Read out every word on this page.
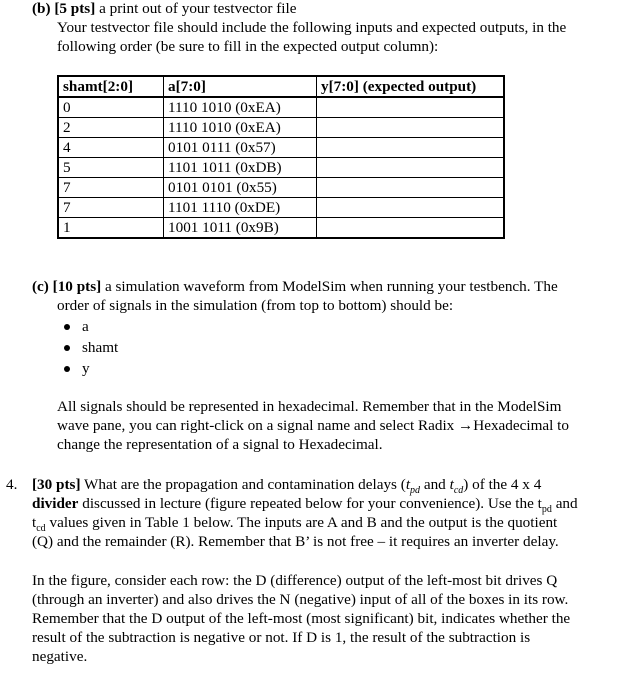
(b) [5 pts] a print out of your testvector file
Your testvector file should include the following inputs and expected outputs, in the
following order (be sure to fill in the expected output column):
shamt[2:0]	a[7:0]	y[7:0] (expected output)
0	1110 1010 (0xEA)	
2	1110 1010 (0xEA)	
4	0101 0111 (0x57)	
5	1101 1011 (0xDB)	
7	0101 0101 (0x55)	
7	1101 1110 (0xDE)	
1	1001 1011 (0x9B)	
(c) [10 pts] a simulation waveform from ModelSim when running your testbench. The
order of signals in the simulation (from top to bottom) should be:
a
shamt
y
All signals should be represented in hexadecimal. Remember that in the ModelSim
wave pane, you can right-click on a signal name and select Radix →Hexadecimal to
change the representation of a signal to Hexadecimal.
4. [30 pts] What are the propagation and contamination delays ($t_{pd}$ and $t_{cd}$) of the 4 x 4
divider discussed in lecture (figure repeated below for your convenience). Use the $t_{pd}$ and
$t_{cd}$ values given in Table 1 below. The inputs are A and B and the output is the quotient
(Q) and the remainder (R). Remember that B’ is not free – it requires an inverter delay.
In the figure, consider each row: the D (difference) output of the left-most bit drives Q
(through an inverter) and also drives the N (negative) input of all of the boxes in its row.
Remember that the D output of the left-most (most significant) bit, indicates whether the
result of the subtraction is negative or not. If D is 1, the result of the subtraction is
negative.
